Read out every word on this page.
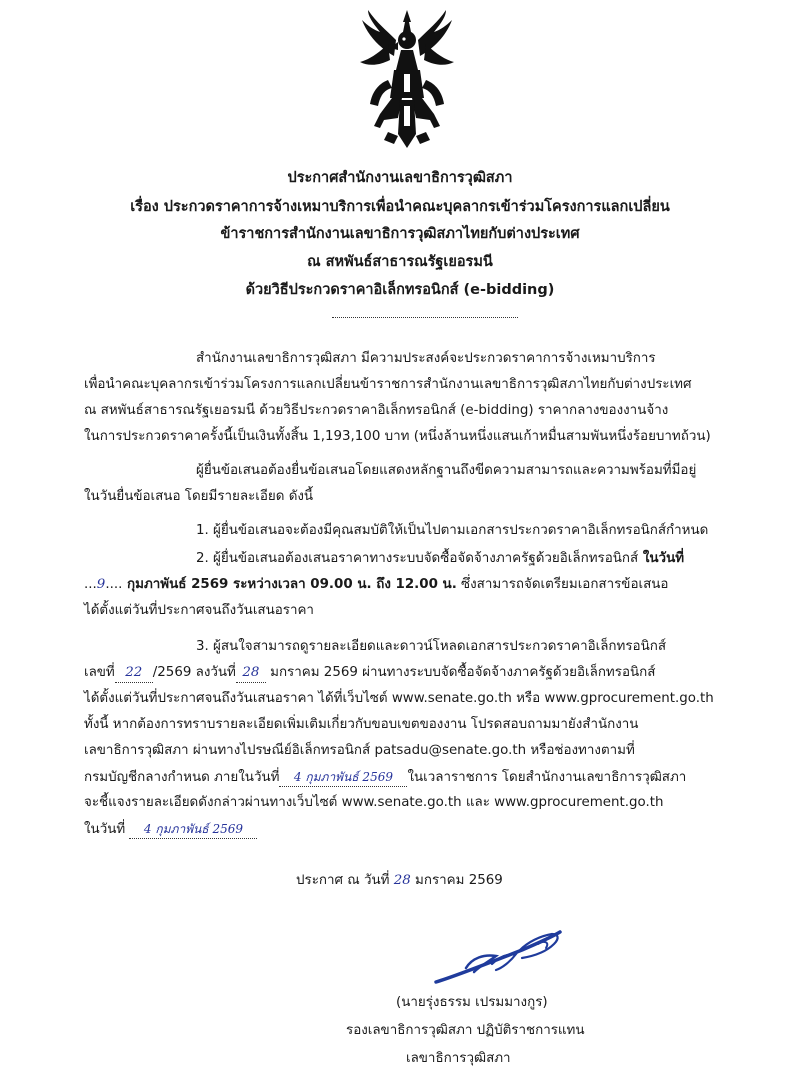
ประกาศสำนักงานเลขาธิการวุฒิสภา
เรื่อง ประกวดราคาการจ้างเหมาบริการเพื่อนำคณะบุคลากรเข้าร่วมโครงการแลกเปลี่ยน
ข้าราชการสำนักงานเลขาธิการวุฒิสภาไทยกับต่างประเทศ
ณ สหพันธ์สาธารณรัฐเยอรมนี
ด้วยวิธีประกวดราคาอิเล็กทรอนิกส์ (e-bidding)
สำนักงานเลขาธิการวุฒิสภา มีความประสงค์จะประกวดราคาการจ้างเหมาบริการ
เพื่อนำคณะบุคลากรเข้าร่วมโครงการแลกเปลี่ยนข้าราชการสำนักงานเลขาธิการวุฒิสภาไทยกับต่างประเทศ
ณ สหพันธ์สาธารณรัฐเยอรมนี ด้วยวิธีประกวดราคาอิเล็กทรอนิกส์ (e-bidding) ราคากลางของงานจ้าง
ในการประกวดราคาครั้งนี้เป็นเงินทั้งสิ้น 1,193,100 บาท (หนึ่งล้านหนึ่งแสนเก้าหมื่นสามพันหนึ่งร้อยบาทถ้วน)
ผู้ยื่นข้อเสนอต้องยื่นข้อเสนอโดยแสดงหลักฐานถึงขีดความสามารถและความพร้อมที่มีอยู่
ในวันยื่นข้อเสนอ โดยมีรายละเอียด ดังนี้
1. ผู้ยื่นข้อเสนอจะต้องมีคุณสมบัติให้เป็นไปตามเอกสารประกวดราคาอิเล็กทรอนิกส์กำหนด
2. ผู้ยื่นข้อเสนอต้องเสนอราคาทางระบบจัดซื้อจัดจ้างภาครัฐด้วยอิเล็กทรอนิกส์ ในวันที่
...9.... กุมภาพันธ์ 2569 ระหว่างเวลา 09.00 น. ถึง 12.00 น. ซึ่งสามารถจัดเตรียมเอกสารข้อเสนอ
ได้ตั้งแต่วันที่ประกาศจนถึงวันเสนอราคา
3. ผู้สนใจสามารถดูรายละเอียดและดาวน์โหลดเอกสารประกวดราคาอิเล็กทรอนิกส์
เลขที่ 22 /2569 ลงวันที่ 28 มกราคม 2569 ผ่านทางระบบจัดซื้อจัดจ้างภาครัฐด้วยอิเล็กทรอนิกส์
ได้ตั้งแต่วันที่ประกาศจนถึงวันเสนอราคา ได้ที่เว็บไซต์ www.senate.go.th หรือ www.gprocurement.go.th
ทั้งนี้ หากต้องการทราบรายละเอียดเพิ่มเติมเกี่ยวกับขอบเขตของงาน โปรดสอบถามมายังสำนักงาน
เลขาธิการวุฒิสภา ผ่านทางไปรษณีย์อิเล็กทรอนิกส์ patsadu@senate.go.th หรือช่องทางตามที่
กรมบัญชีกลางกำหนด ภายในวันที่ 4 กุมภาพันธ์ 2569 ในเวลาราชการ โดยสำนักงานเลขาธิการวุฒิสภา
จะชี้แจงรายละเอียดดังกล่าวผ่านทางเว็บไซต์ www.senate.go.th และ www.gprocurement.go.th
ในวันที่ 4 กุมภาพันธ์ 2569
ประกาศ ณ วันที่ 28 มกราคม 2569
(นายรุ่งธรรม เปรมมางกูร)
รองเลขาธิการวุฒิสภา ปฏิบัติราชการแทน
เลขาธิการวุฒิสภา
